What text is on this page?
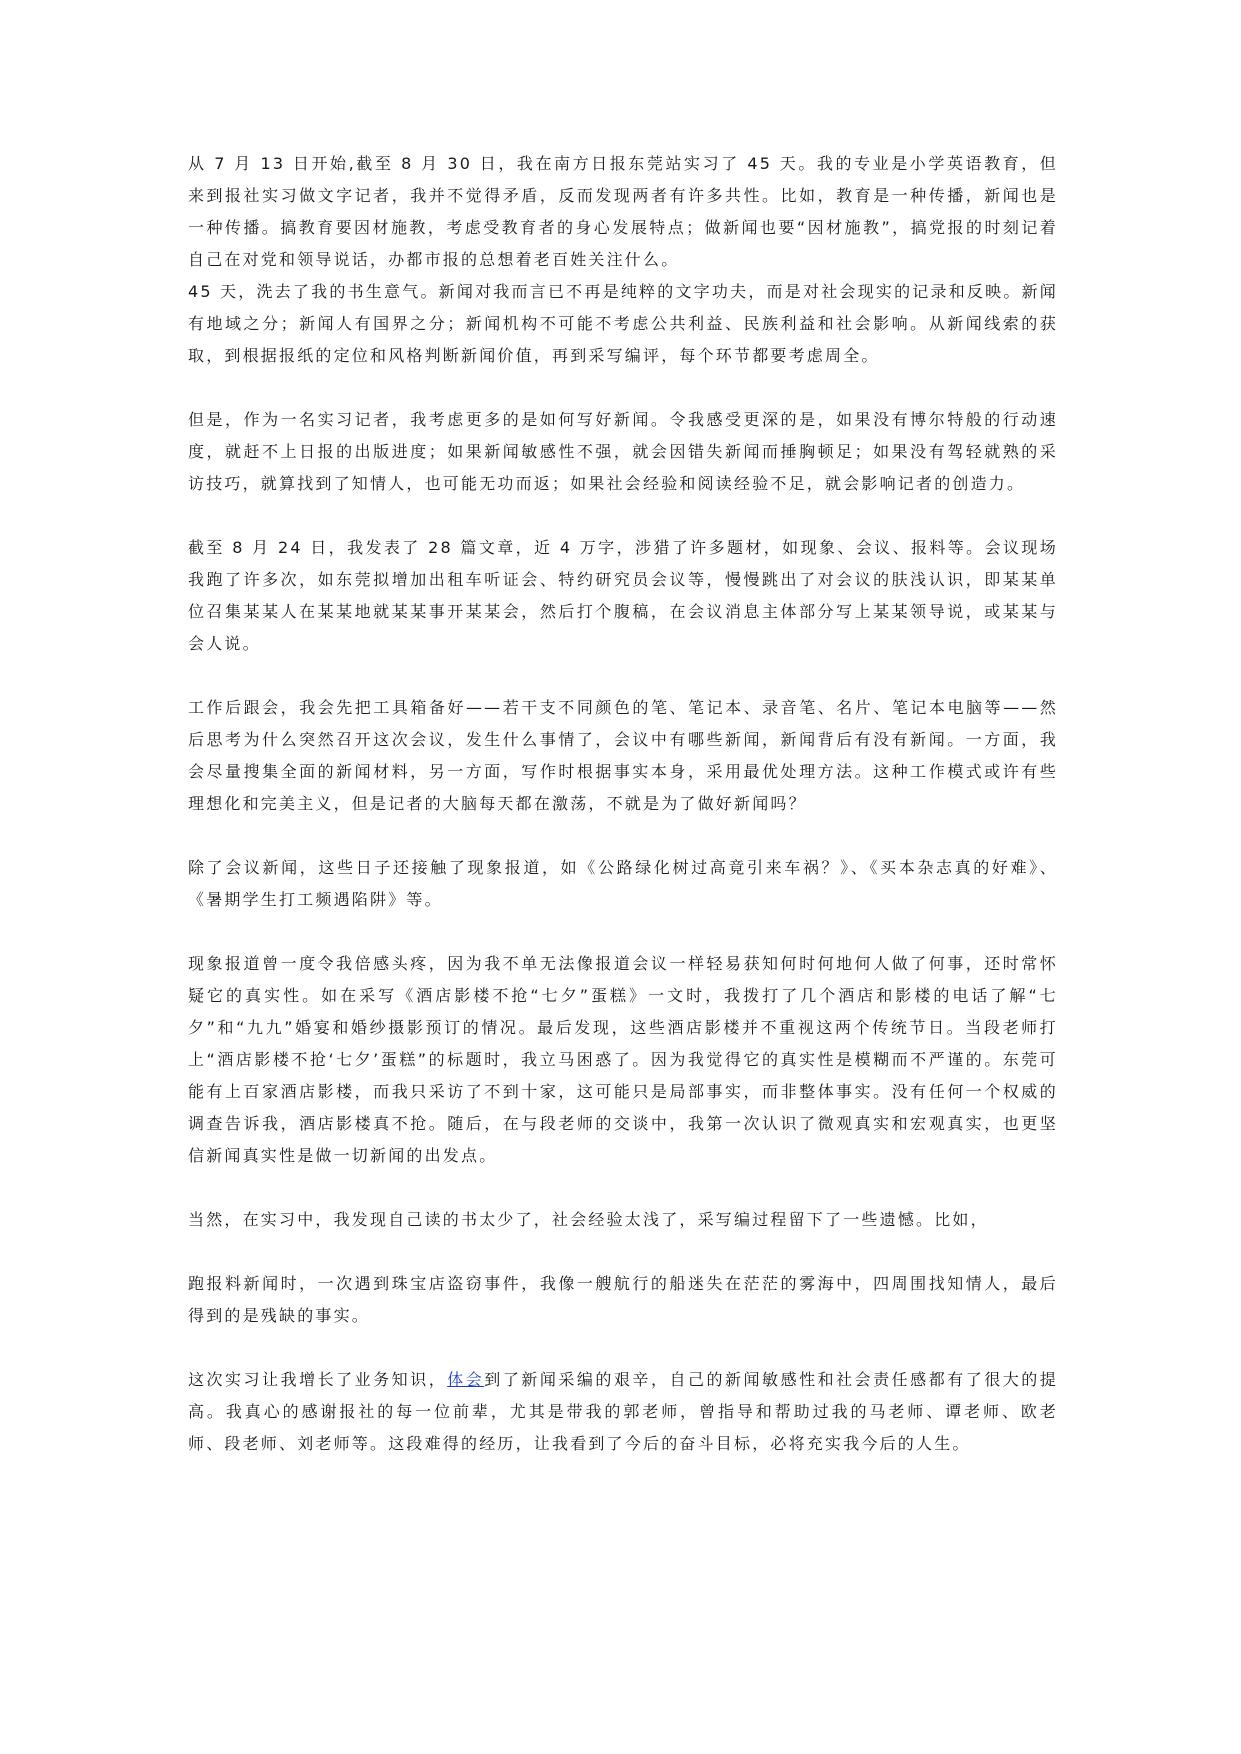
从 7 月 13 日开始,截至 8 月 30 日，我在南方日报东莞站实习了 45 天。我的专业是小学英语教育，但来到报社实习做文字记者，我并不觉得矛盾，反而发现两者有许多共性。比如，教育是一种传播，新闻也是一种传播。搞教育要因材施教，考虑受教育者的身心发展特点；做新闻也要“因材施教”，搞党报的时刻记着自己在对党和领导说话，办都市报的总想着老百姓关注什么。

45 天，洗去了我的书生意气。新闻对我而言已不再是纯粹的文字功夫，而是对社会现实的记录和反映。新闻有地域之分；新闻人有国界之分；新闻机构不可能不考虑公共利益、民族利益和社会影响。从新闻线索的获取，到根据报纸的定位和风格判断新闻价值，再到采写编评，每个环节都要考虑周全。

但是，作为一名实习记者，我考虑更多的是如何写好新闻。令我感受更深的是，如果没有博尔特般的行动速度，就赶不上日报的出版进度；如果新闻敏感性不强，就会因错失新闻而捶胸顿足；如果没有驾轻就熟的采访技巧，就算找到了知情人，也可能无功而返；如果社会经验和阅读经验不足，就会影响记者的创造力。

截至 8 月 24 日，我发表了 28 篇文章，近 4 万字，涉猎了许多题材，如现象、会议、报料等。会议现场我跑了许多次，如东莞拟增加出租车听证会、特约研究员会议等，慢慢跳出了对会议的肤浅认识，即某某单位召集某某人在某某地就某某事开某某会，然后打个腹稿，在会议消息主体部分写上某某领导说，或某某与会人说。

工作后跟会，我会先把工具箱备好——若干支不同颜色的笔、笔记本、录音笔、名片、笔记本电脑等——然后思考为什么突然召开这次会议，发生什么事情了，会议中有哪些新闻，新闻背后有没有新闻。一方面，我会尽量搜集全面的新闻材料，另一方面，写作时根据事实本身，采用最优处理方法。这种工作模式或许有些理想化和完美主义，但是记者的大脑每天都在激荡，不就是为了做好新闻吗？

除了会议新闻，这些日子还接触了现象报道，如《公路绿化树过高竟引来车祸？》、《买本杂志真的好难》、《暑期学生打工频遇陷阱》等。

现象报道曾一度令我倍感头疼，因为我不单无法像报道会议一样轻易获知何时何地何人做了何事，还时常怀疑它的真实性。如在采写《酒店影楼不抢“七夕”蛋糕》一文时，我拨打了几个酒店和影楼的电话了解“七夕”和“九九”婚宴和婚纱摄影预订的情况。最后发现，这些酒店影楼并不重视这两个传统节日。当段老师打上“酒店影楼不抢‘七夕’蛋糕”的标题时，我立马困惑了。因为我觉得它的真实性是模糊而不严谨的。东莞可能有上百家酒店影楼，而我只采访了不到十家，这可能只是局部事实，而非整体事实。没有任何一个权威的调查告诉我，酒店影楼真不抢。随后，在与段老师的交谈中，我第一次认识了微观真实和宏观真实，也更坚信新闻真实性是做一切新闻的出发点。

当然，在实习中，我发现自己读的书太少了，社会经验太浅了，采写编过程留下了一些遗憾。比如，

跑报料新闻时，一次遇到珠宝店盗窃事件，我像一艘航行的船迷失在茫茫的雾海中，四周围找知情人，最后得到的是残缺的事实。

这次实习让我增长了业务知识，体会到了新闻采编的艰辛，自己的新闻敏感性和社会责任感都有了很大的提高。我真心的感谢报社的每一位前辈，尤其是带我的郭老师，曾指导和帮助过我的马老师、谭老师、欧老师、段老师、刘老师等。这段难得的经历，让我看到了今后的奋斗目标，必将充实我今后的人生。
